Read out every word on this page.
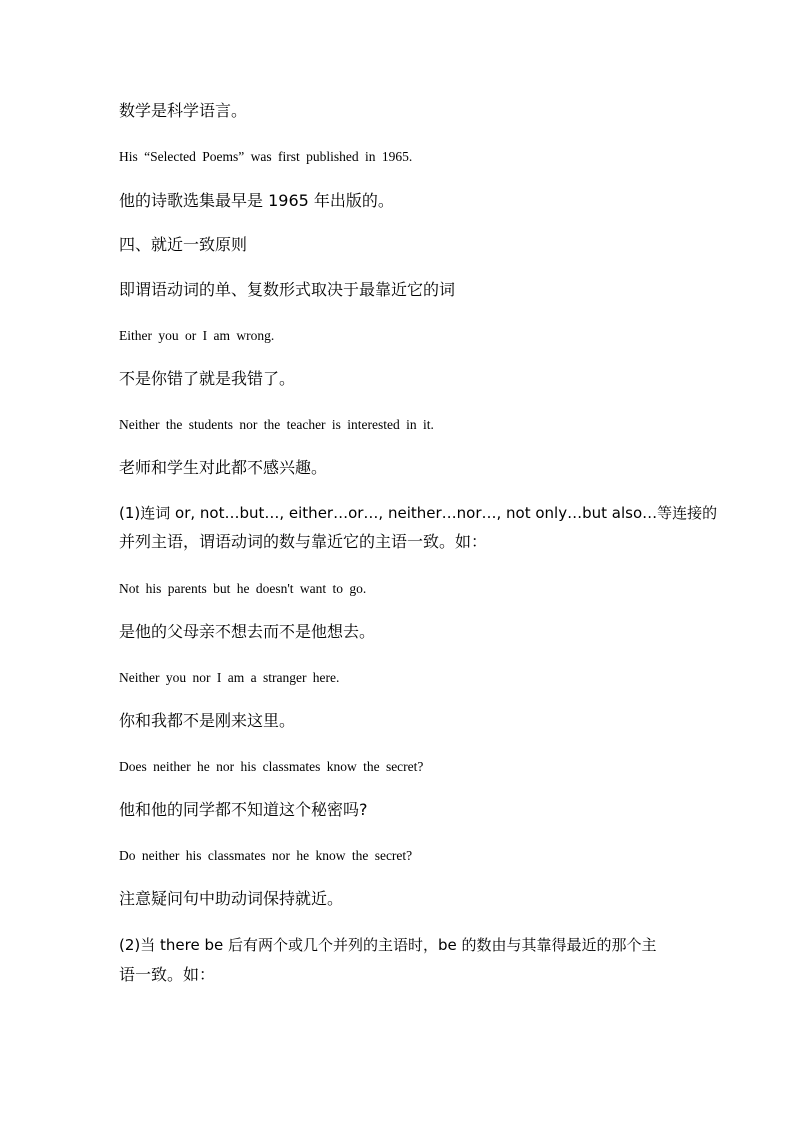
数学是科学语言。
His “Selected Poems” was first published in 1965.
他的诗歌选集最早是 1965 年出版的。
四、就近一致原则
即谓语动词的单、复数形式取决于最靠近它的词
Either you or I am wrong.
不是你错了就是我错了。
Neither the students nor the teacher is interested in it.
老师和学生对此都不感兴趣。
(1)连词 or, not…but…, either…or…, neither…nor…, not only…but also…等连接的
并列主语，谓语动词的数与靠近它的主语一致。如：
Not his parents but he doesn't want to go.
是他的父母亲不想去而不是他想去。
Neither you nor I am a stranger here.
你和我都不是刚来这里。
Does neither he nor his classmates know the secret?
他和他的同学都不知道这个秘密吗?
Do neither his classmates nor he know the secret?
注意疑问句中助动词保持就近。
(2)当 there be 后有两个或几个并列的主语时，be 的数由与其靠得最近的那个主
语一致。如：
